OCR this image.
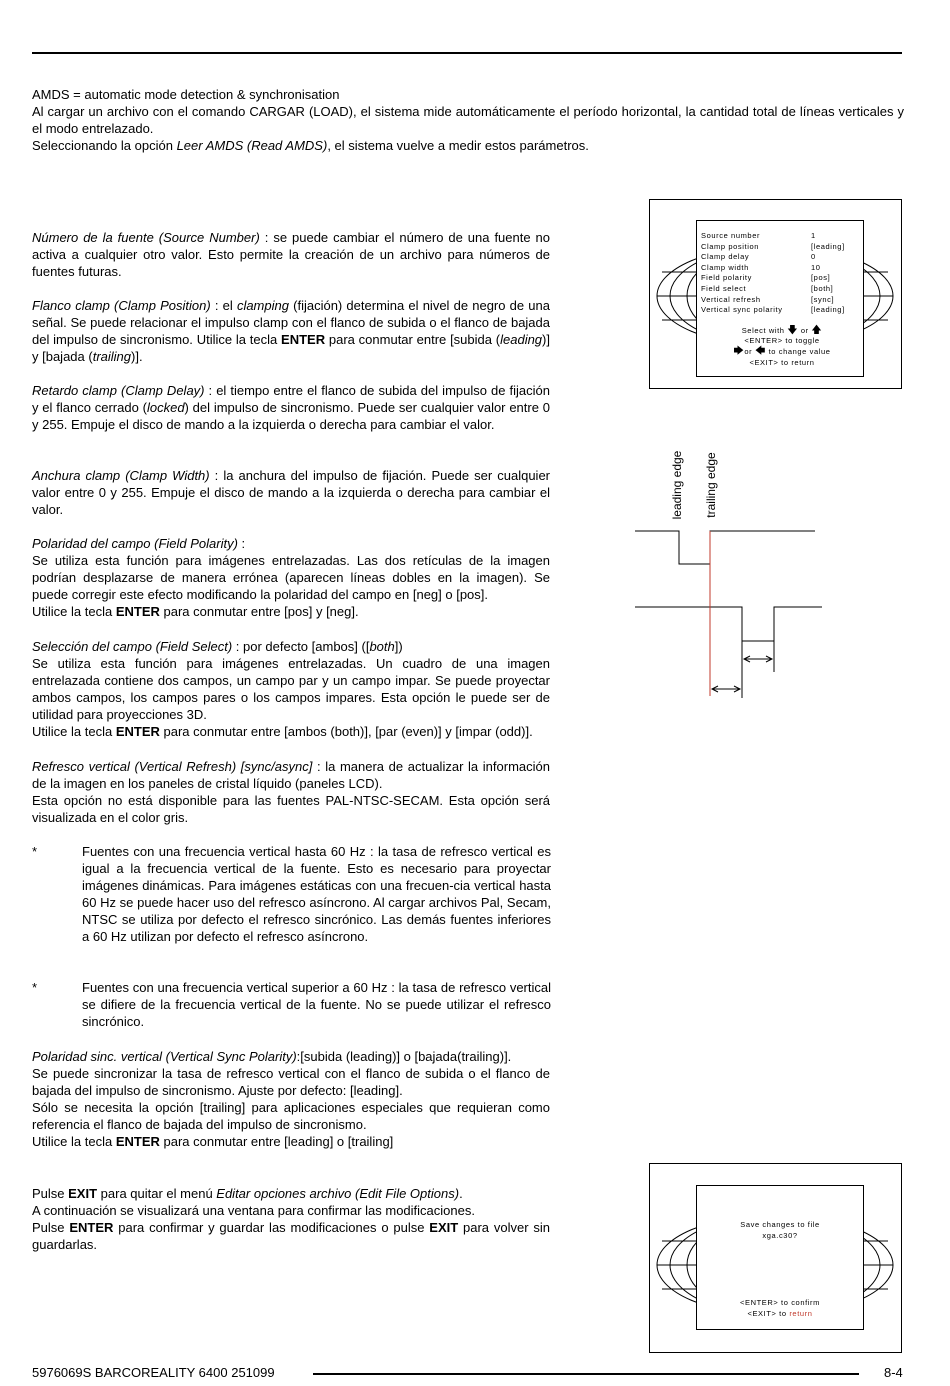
AMDS = automatic mode detection & synchronisation
Al cargar un archivo con el comando CARGAR (LOAD), el sistema mide automáticamente el período horizontal, la cantidad total de líneas verticales y el modo entrelazado.
Seleccionando la opción Leer AMDS (Read AMDS), el sistema vuelve a medir estos parámetros.
Número de la fuente (Source Number) : se puede cambiar el número de una fuente no activa a cualquier otro valor. Esto permite la creación de un archivo para números de fuentes futuras.
Flanco clamp (Clamp Position) : el clamping (fijación) determina el nivel de negro de una señal. Se puede relacionar el impulso clamp con el flanco de subida o el flanco de bajada del impulso de sincronismo. Utilice la tecla ENTER para conmutar entre [subida (leading)] y [bajada (trailing)].
Retardo clamp (Clamp Delay) : el tiempo entre el flanco de subida del impulso de fijación y el flanco cerrado (locked) del impulso de sincronismo. Puede ser cualquier valor entre 0 y 255. Empuje el disco de mando a la izquierda o derecha para cambiar el valor.
Anchura clamp (Clamp Width) : la anchura del impulso de fijación. Puede ser cualquier valor entre 0 y 255. Empuje el disco de mando a la izquierda o derecha para cambiar el valor.
Polaridad del campo (Field Polarity) :
Se utiliza esta función para imágenes entrelazadas. Las dos retículas de la imagen podrían desplazarse de manera errónea (aparecen líneas dobles en la imagen). Se puede corregir este efecto modificando la polaridad del campo en [neg] o [pos].
Utilice la tecla ENTER para conmutar entre [pos] y [neg].
Selección del campo (Field Select) : por defecto [ambos] ([both])
Se utiliza esta función para imágenes entrelazadas. Un cuadro de una imagen entrelazada contiene dos campos, un campo par y un campo impar. Se puede proyectar ambos campos, los campos pares o los campos impares. Esta opción le puede ser de utilidad para proyecciones 3D.
Utilice la tecla ENTER para conmutar entre [ambos (both)], [par (even)] y [impar (odd)].
Refresco vertical (Vertical Refresh) [sync/async] : la manera de actualizar la información de la imagen en los paneles de cristal líquido (paneles LCD).
Esta opción no está disponible para las fuentes PAL-NTSC-SECAM. Esta opción será visualizada en el color gris.
*	Fuentes con una frecuencia vertical hasta 60 Hz : la tasa de refresco vertical es igual a la frecuencia vertical de la fuente. Esto es necesario para proyectar imágenes dinámicas. Para imágenes estáticas con una frecuen-cia vertical hasta 60 Hz se puede hacer uso del refresco asíncrono. Al cargar archivos Pal, Secam, NTSC se utiliza por defecto el refresco sincrónico. Las demás fuentes inferiores a 60 Hz utilizan por defecto el refresco asíncrono.
*	Fuentes con una frecuencia vertical superior a 60 Hz : la tasa de refresco vertical se difiere de la frecuencia vertical de la fuente. No se puede utilizar el refresco sincrónico.
Polaridad sinc. vertical (Vertical Sync Polarity):[subida (leading)] o [bajada(trailing)].
Se puede sincronizar la tasa de refresco vertical con el flanco de subida o el flanco de bajada del impulso de sincronismo. Ajuste por defecto: [leading].
Sólo se necesita la opción [trailing] para aplicaciones especiales que requieran como referencia el flanco de bajada del impulso de sincronismo.
Utilice la tecla ENTER para conmutar entre [leading] o [trailing]
Pulse EXIT para quitar el menú Editar opciones archivo (Edit File Options).
A continuación se visualizará una ventana para confirmar las modificaciones.
Pulse ENTER para confirmar y guardar las modificaciones o pulse EXIT para volver sin guardarlas.
Source number	1
Clamp position	[leading]
Clamp delay	0
Clamp width	10
Field polarity	[pos]
Field select	[both]
Vertical refresh	[sync]
Vertical sync polarity	[leading]
Select with 🡇 or 🡅
<ENTER> to toggle
🡆or 🡄 to change value
<EXIT> to return
leading edge trailing edge
Save changes to file
xga.c30?
<ENTER> to confirm
<EXIT> to return
5976069S BARCOREALITY 6400 251099	8-4
